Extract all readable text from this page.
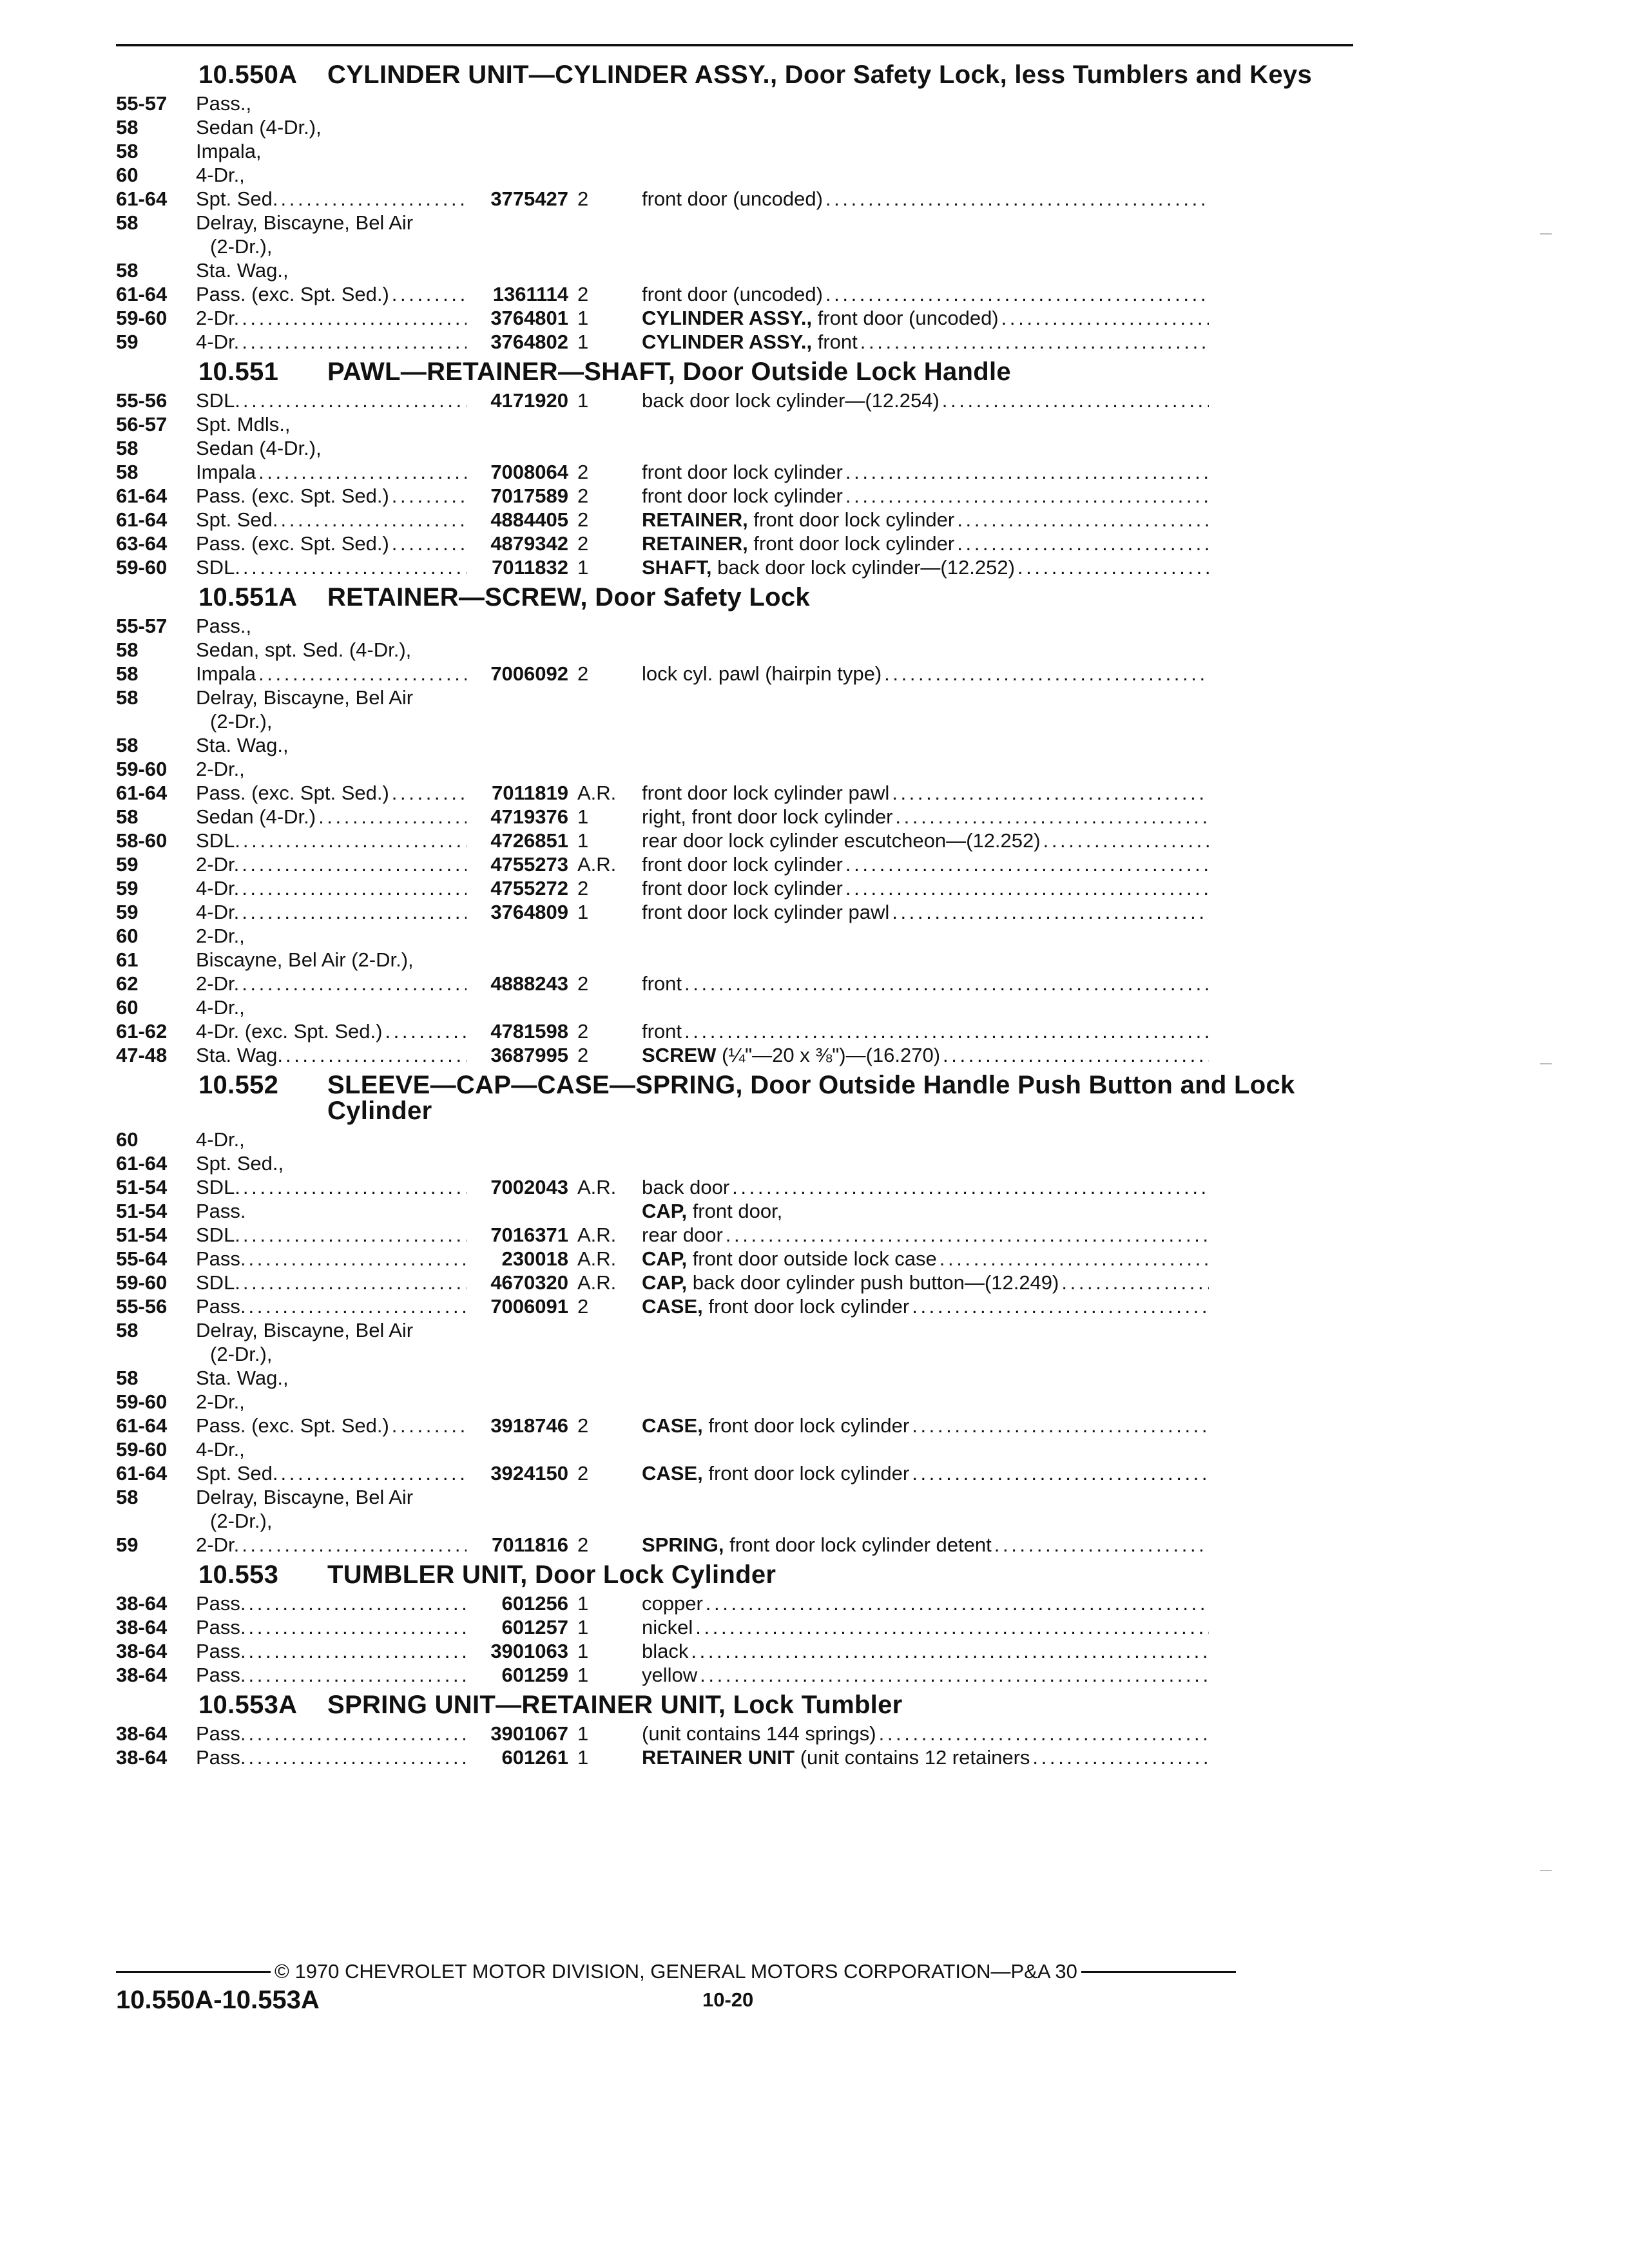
10.550A	CYLINDER UNIT—CYLINDER ASSY., Door Safety Lock, less Tumblers and Keys
55-57	Pass.,
58	Sedan (4-Dr.),
58	Impala,
60	4-Dr.,
61-64	Spt. Sed. . . .	3775427 2	front door (uncoded)
. . .
58	Delray, Biscayne, Bel Air
(2-Dr.),
58	Sta. Wag.,
61-64	Pass. (exc. Spt. Sed.) . . .	1361114 2	front door (uncoded)
. . .
59-60	2-Dr. . . .	3764801 1	CYLINDER ASSY., front door (uncoded)
. . .
59	4-Dr. . . .	3764802 1	CYLINDER ASSY., front
. . .
10.551	PAWL—RETAINER—SHAFT, Door Outside Lock Handle
55-56	SDL. . . .	4171920 1	back door lock cylinder—(12.254)
. . .
56-57	Spt. Mdls.,
58	Sedan (4-Dr.),
58	Impala . . .	7008064 2	front door lock cylinder
. . .
61-64	Pass. (exc. Spt. Sed.) . . .	7017589 2	front door lock cylinder
. . .
61-64	Spt. Sed. . . .	4884405 2	RETAINER, front door lock cylinder
. . .
63-64	Pass. (exc. Spt. Sed.) . . .	4879342 2	RETAINER, front door lock cylinder
. . .
59-60	SDL. . . .	7011832 1	SHAFT, back door lock cylinder—(12.252)
. . .
10.551A	RETAINER—SCREW, Door Safety Lock
55-57	Pass.,
58	Sedan, spt. Sed. (4-Dr.),
58	Impala . . .	7006092 2	lock cyl. pawl (hairpin type)
. . .
58	Delray, Biscayne, Bel Air
(2-Dr.),
58	Sta. Wag.,
59-60	2-Dr.,
61-64	Pass. (exc. Spt. Sed.) . . .	7011819 A.R.	front door lock cylinder pawl
. . .
58	Sedan (4-Dr.) . . .	4719376 1	right, front door lock cylinder
. . .
58-60	SDL. . . .	4726851 1	rear door lock cylinder escutcheon—(12.252)
. . .
59	2-Dr. . . .	4755273 A.R.	front door lock cylinder
. . .
59	4-Dr. . . .	4755272 2	front door lock cylinder
. . .
59	4-Dr. . . .	3764809 1	front door lock cylinder pawl
. . .
60	2-Dr.,
61	Biscayne, Bel Air (2-Dr.),
62	2-Dr. . . .	4888243 2	front
. . .
60	4-Dr.,
61-62	4-Dr. (exc. Spt. Sed.) . . .	4781598 2	front
. . .
47-48	Sta. Wag. . . .	3687995 2	SCREW (¼"—20 x ⅜")—(16.270)
. . .
10.552	SLEEVE—CAP—CASE—SPRING, Door Outside Handle Push Button and Lock Cylinder
60	4-Dr.,
61-64	Spt. Sed.,
51-54	SDL. . . .	7002043 A.R.	back door
. . .
51-54	Pass.	CAP, front door,
51-54	SDL. . . .	7016371 A.R.	rear door
. . .
55-64	Pass. . . .	230018 A.R.	CAP, front door outside lock case
. . .
59-60	SDL. . . .	4670320 A.R.	CAP, back door cylinder push button—(12.249)
. . .
55-56	Pass. . . .	7006091 2	CASE, front door lock cylinder
. . .
58	Delray, Biscayne, Bel Air
(2-Dr.),
58	Sta. Wag.,
59-60	2-Dr.,
61-64	Pass. (exc. Spt. Sed.) . . .	3918746 2	CASE, front door lock cylinder
. . .
59-60	4-Dr.,
61-64	Spt. Sed. . . .	3924150 2	CASE, front door lock cylinder
. . .
58	Delray, Biscayne, Bel Air
(2-Dr.),
59	2-Dr. . . .	7011816 2	SPRING, front door lock cylinder detent
. . .
10.553	TUMBLER UNIT, Door Lock Cylinder
38-64	Pass. . . .	601256 1	copper
. . .
38-64	Pass. . . .	601257 1	nickel
. . .
38-64	Pass. . . .	3901063 1	black
. . .
38-64	Pass. . . .	601259 1	yellow
. . .
10.553A	SPRING UNIT—RETAINER UNIT, Lock Tumbler
38-64	Pass. . . .	3901067 1	(unit contains 144 springs)
. . .
38-64	Pass. . . .	601261 1	RETAINER UNIT (unit contains 12 retainers
. . .
© 1970 CHEVROLET MOTOR DIVISION, GENERAL MOTORS CORPORATION—P&A 30
10.550A-10.553A	10-20
